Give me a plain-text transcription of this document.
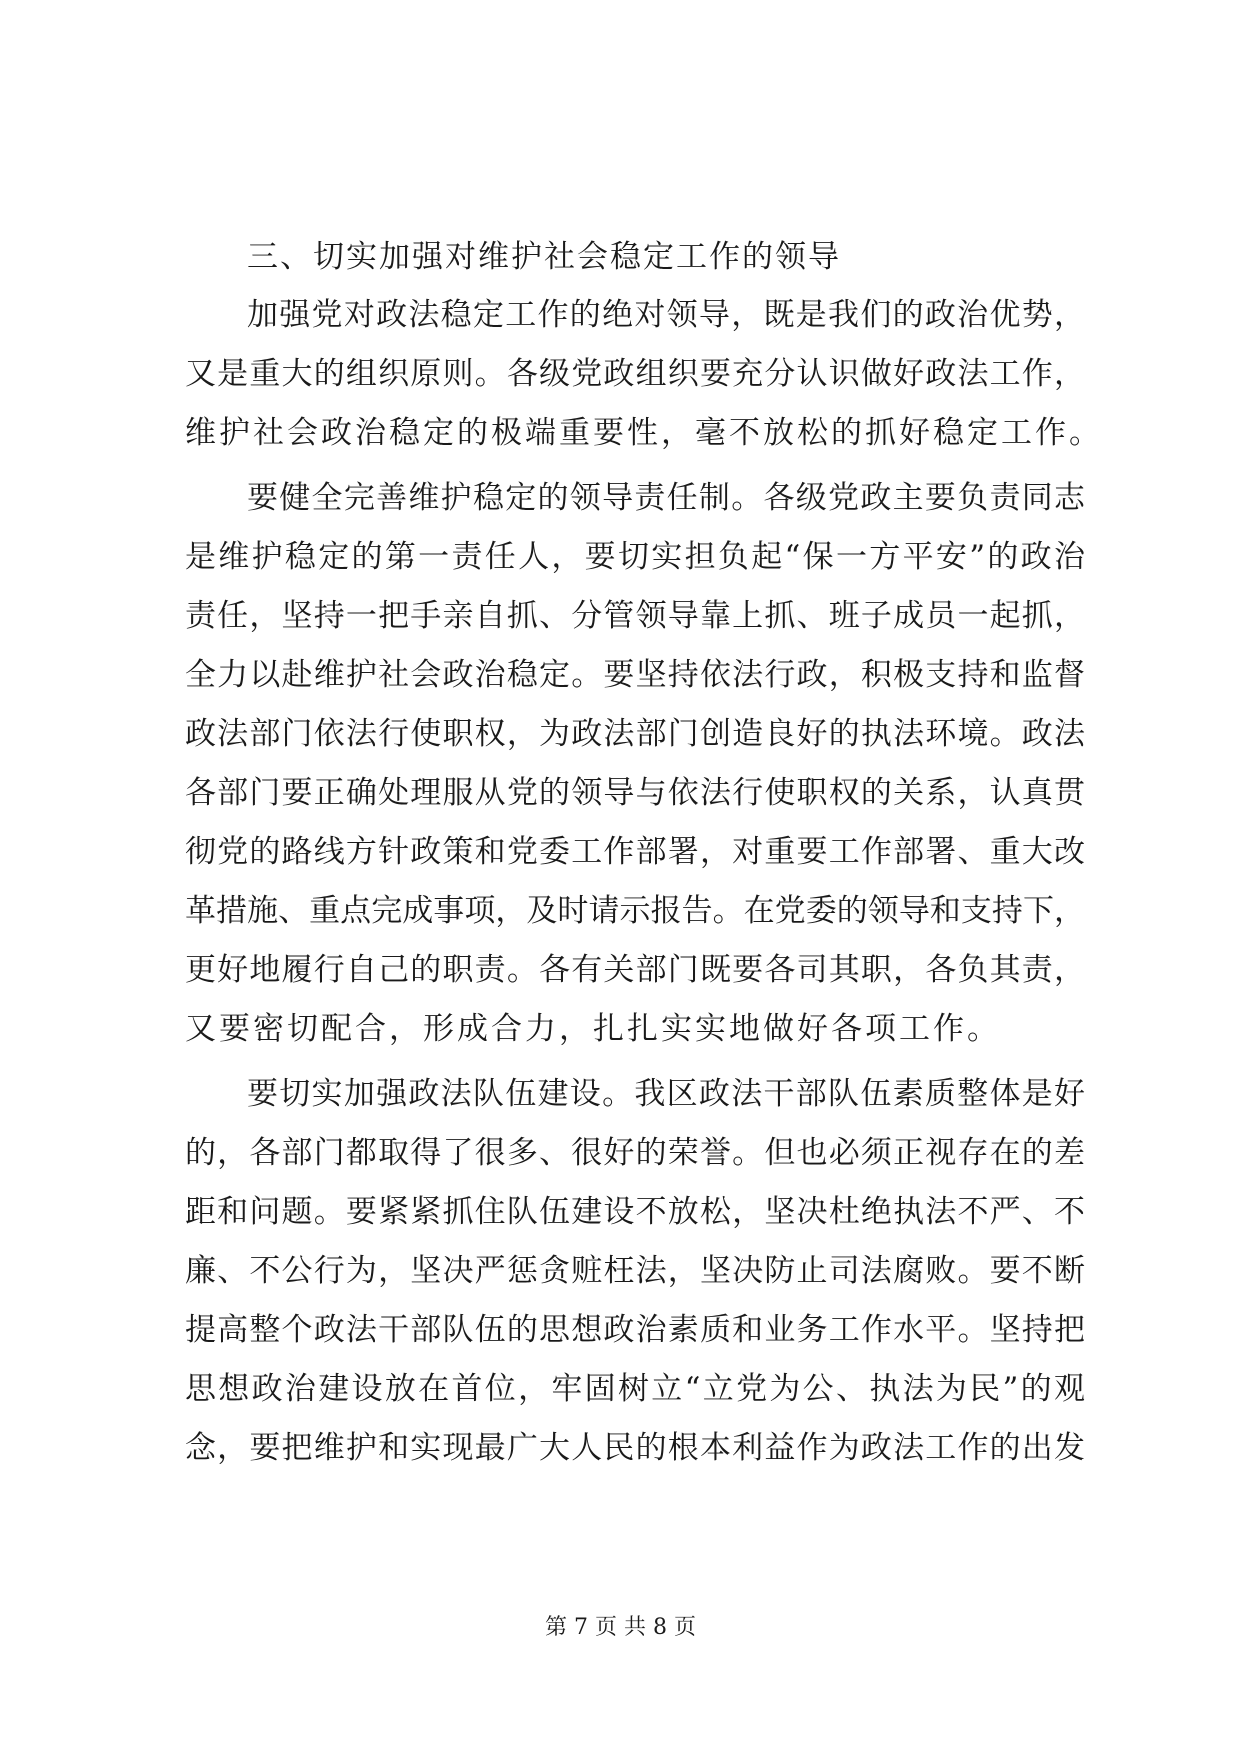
三、切实加强对维护社会稳定工作的领导
加强党对政法稳定工作的绝对领导，既是我们的政治优势，
又是重大的组织原则。各级党政组织要充分认识做好政法工作，
维护社会政治稳定的极端重要性，毫不放松的抓好稳定工作。
要健全完善维护稳定的领导责任制。各级党政主要负责同志
是维护稳定的第一责任人，要切实担负起“保一方平安”的政治
责任，坚持一把手亲自抓、分管领导靠上抓、班子成员一起抓，
全力以赴维护社会政治稳定。要坚持依法行政，积极支持和监督
政法部门依法行使职权，为政法部门创造良好的执法环境。政法
各部门要正确处理服从党的领导与依法行使职权的关系，认真贯
彻党的路线方针政策和党委工作部署，对重要工作部署、重大改
革措施、重点完成事项，及时请示报告。在党委的领导和支持下，
更好地履行自己的职责。各有关部门既要各司其职，各负其责，
又要密切配合，形成合力，扎扎实实地做好各项工作。
要切实加强政法队伍建设。我区政法干部队伍素质整体是好
的，各部门都取得了很多、很好的荣誉。但也必须正视存在的差
距和问题。要紧紧抓住队伍建设不放松，坚决杜绝执法不严、不
廉、不公行为，坚决严惩贪赃枉法，坚决防止司法腐败。要不断
提高整个政法干部队伍的思想政治素质和业务工作水平。坚持把
思想政治建设放在首位，牢固树立“立党为公、执法为民”的观
念，要把维护和实现最广大人民的根本利益作为政法工作的出发
第 7 页 共 8 页
